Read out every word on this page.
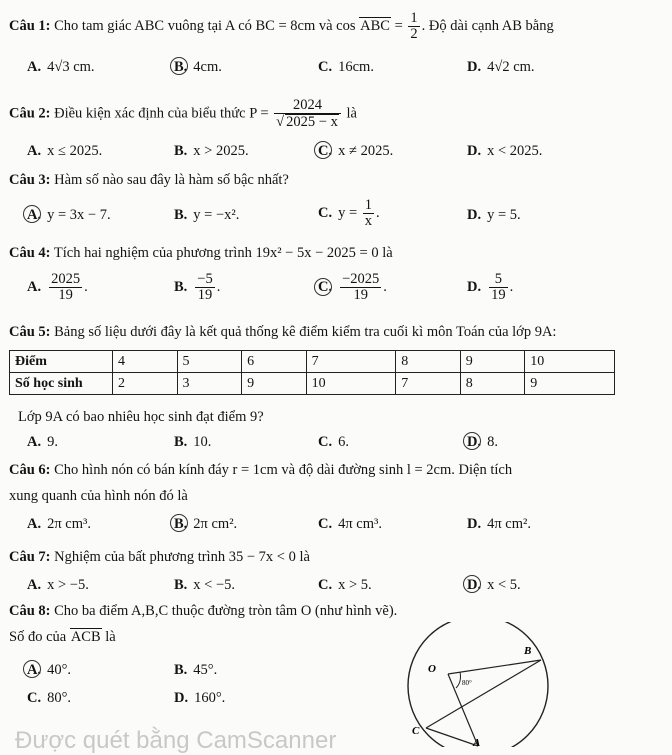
Câu 1: Cho tam giác ABC vuông tại A có BC = 8cm và cos ABC = $\frac{1}{2}$ . Độ dài cạnh AB bằng
A. 4√3 cm.	B. 4cm.	C. 16cm.	D. 4√2 cm.
Câu 2: Điều kiện xác định của biểu thức $P = \frac{2024}{√ 2025 - x}$ là
A. x ≤ 2025.	B. x > 2025.	C. x ≠ 2025.	D. x < 2025.
Câu 3: Hàm số nào sau đây là hàm số bậc nhất?
A. y = 3x − 7.	B. y = −x².	C. $y = \frac{1}{x}$ .	D. y = 5.
Câu 4: Tích hai nghiệm của phương trình 19x² − 5x − 2025 = 0 là
A. $\frac{2025}{19}$ .	B. $\frac{-5}{19}$ .	C. $\frac{-2025}{19}$ .	D. $\frac{5}{19}$ .
Câu 5: Bảng số liệu dưới đây là kết quả thống kê điểm kiểm tra cuối kì môn Toán của lớp 9A:
Điểm	4	5	6	7	8	9	10
Số học sinh	2	3	9	10	7	8	9
Lớp 9A có bao nhiêu học sinh đạt điểm 9?
A. 9.	B. 10.	C. 6.	D. 8.
Câu 6: Cho hình nón có bán kính đáy r = 1cm và độ dài đường sinh l = 2cm. Diện tích
xung quanh của hình nón đó là
A. 2π cm³.	B. 2π cm².	C. 4π cm³.	D. 4π cm².
Câu 7: Nghiệm của bất phương trình 35 − 7x < 0 là
A. x > −5.	B. x < −5.	C. x > 5.	D. x < 5.
Câu 8: Cho ba điểm A,B,C thuộc đường tròn tâm O (như hình vẽ).
Số đo của ACB là
A. 40°.	B. 45°.
C. 80°.	D. 160°.
O
B
C
A
80°
Được quét bằng CamScanner
